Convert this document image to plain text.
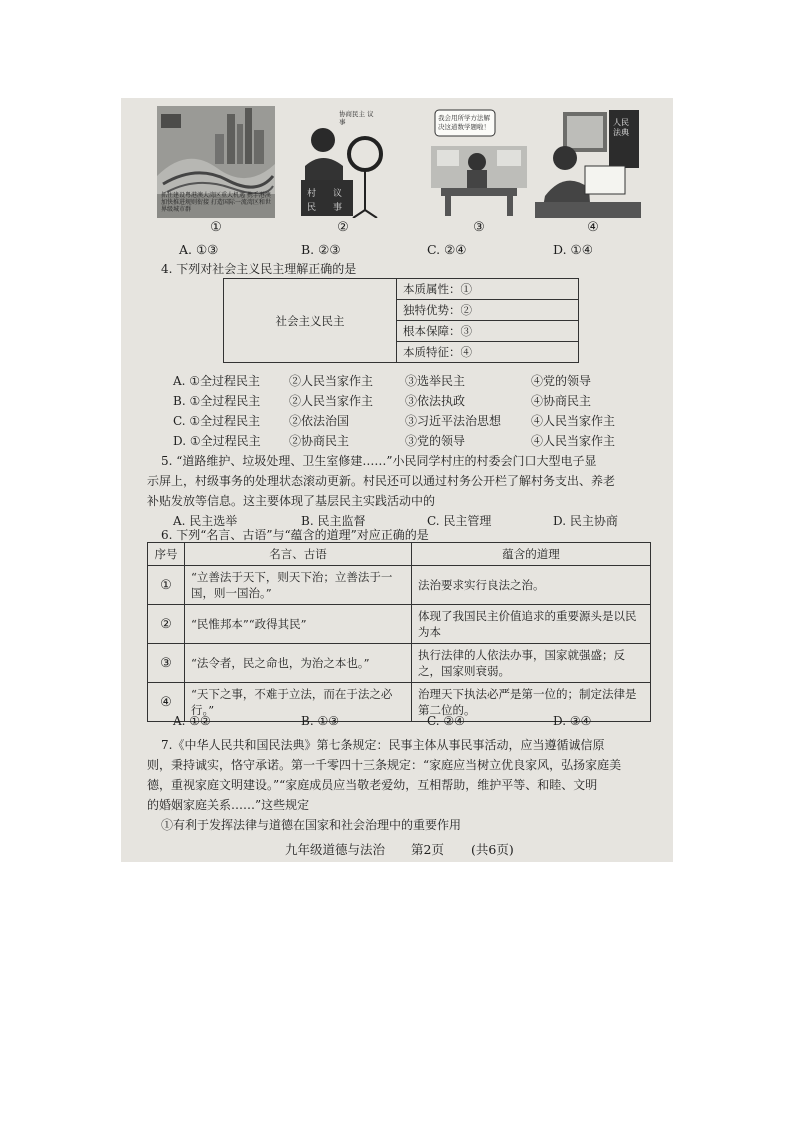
抓住建设粤港澳大湾区重大机遇 携手港澳加快推进规则衔接 打造国际一流湾区和世界级城市群
①
村
民
议
事
协商民主 议事
②
我会用所学方法解 决这道数学题啦！
③
人民法典
④
A. ①③	B. ②③	C. ②④	D. ①④
4. 下列对社会主义民主理解正确的是
社会主义民主	本质属性：①
独特优势：②
根本保障：③
本质特征：④
A. ①全过程民主 ②人民当家作主	③选举民主	④党的领导
B. ①全过程民主 ②人民当家作主	③依法执政	④协商民主
C. ①全过程民主 ②依法治国	③习近平法治思想 ④人民当家作主
D. ①全过程民主 ②协商民主	③党的领导	④人民当家作主
5. “道路维护、垃圾处理、卫生室修建……”小民同学村庄的村委会门口大型电子显
示屏上，村级事务的处理状态滚动更新。村民还可以通过村务公开栏了解村务支出、养老
补贴发放等信息。这主要体现了基层民主实践活动中的
A. 民主选举	B. 民主监督	C. 民主管理	D. 民主协商
6. 下列“名言、古语”与“蕴含的道理”对应正确的是
序号	名言、古语	蕴含的道理
①	“立善法于天下，则天下治；立善法于一国，则一国治。”	法治要求实行良法之治。
②	“民惟邦本”“政得其民”	体现了我国民主价值追求的重要源头是以民为本
③	“法令者，民之命也，为治之本也。”	执行法律的人依法办事，国家就强盛；反之，国家则衰弱。
④	“天下之事，不难于立法，而在于法之必行。”	治理天下执法必严是第一位的；制定法律是第二位的。
A. ①②	B. ①③	C. ②④	D. ③④
7.《中华人民共和国民法典》第七条规定：民事主体从事民事活动，应当遵循诚信原
则，秉持诚实，恪守承诺。第一千零四十三条规定：“家庭应当树立优良家风，弘扬家庭美
德，重视家庭文明建设。”“家庭成员应当敬老爱幼，互相帮助，维护平等、和睦、文明
的婚姻家庭关系……”这些规定
①有利于发挥法律与道德在国家和社会治理中的重要作用
九年级道德与法治 第2页 (共6页)
